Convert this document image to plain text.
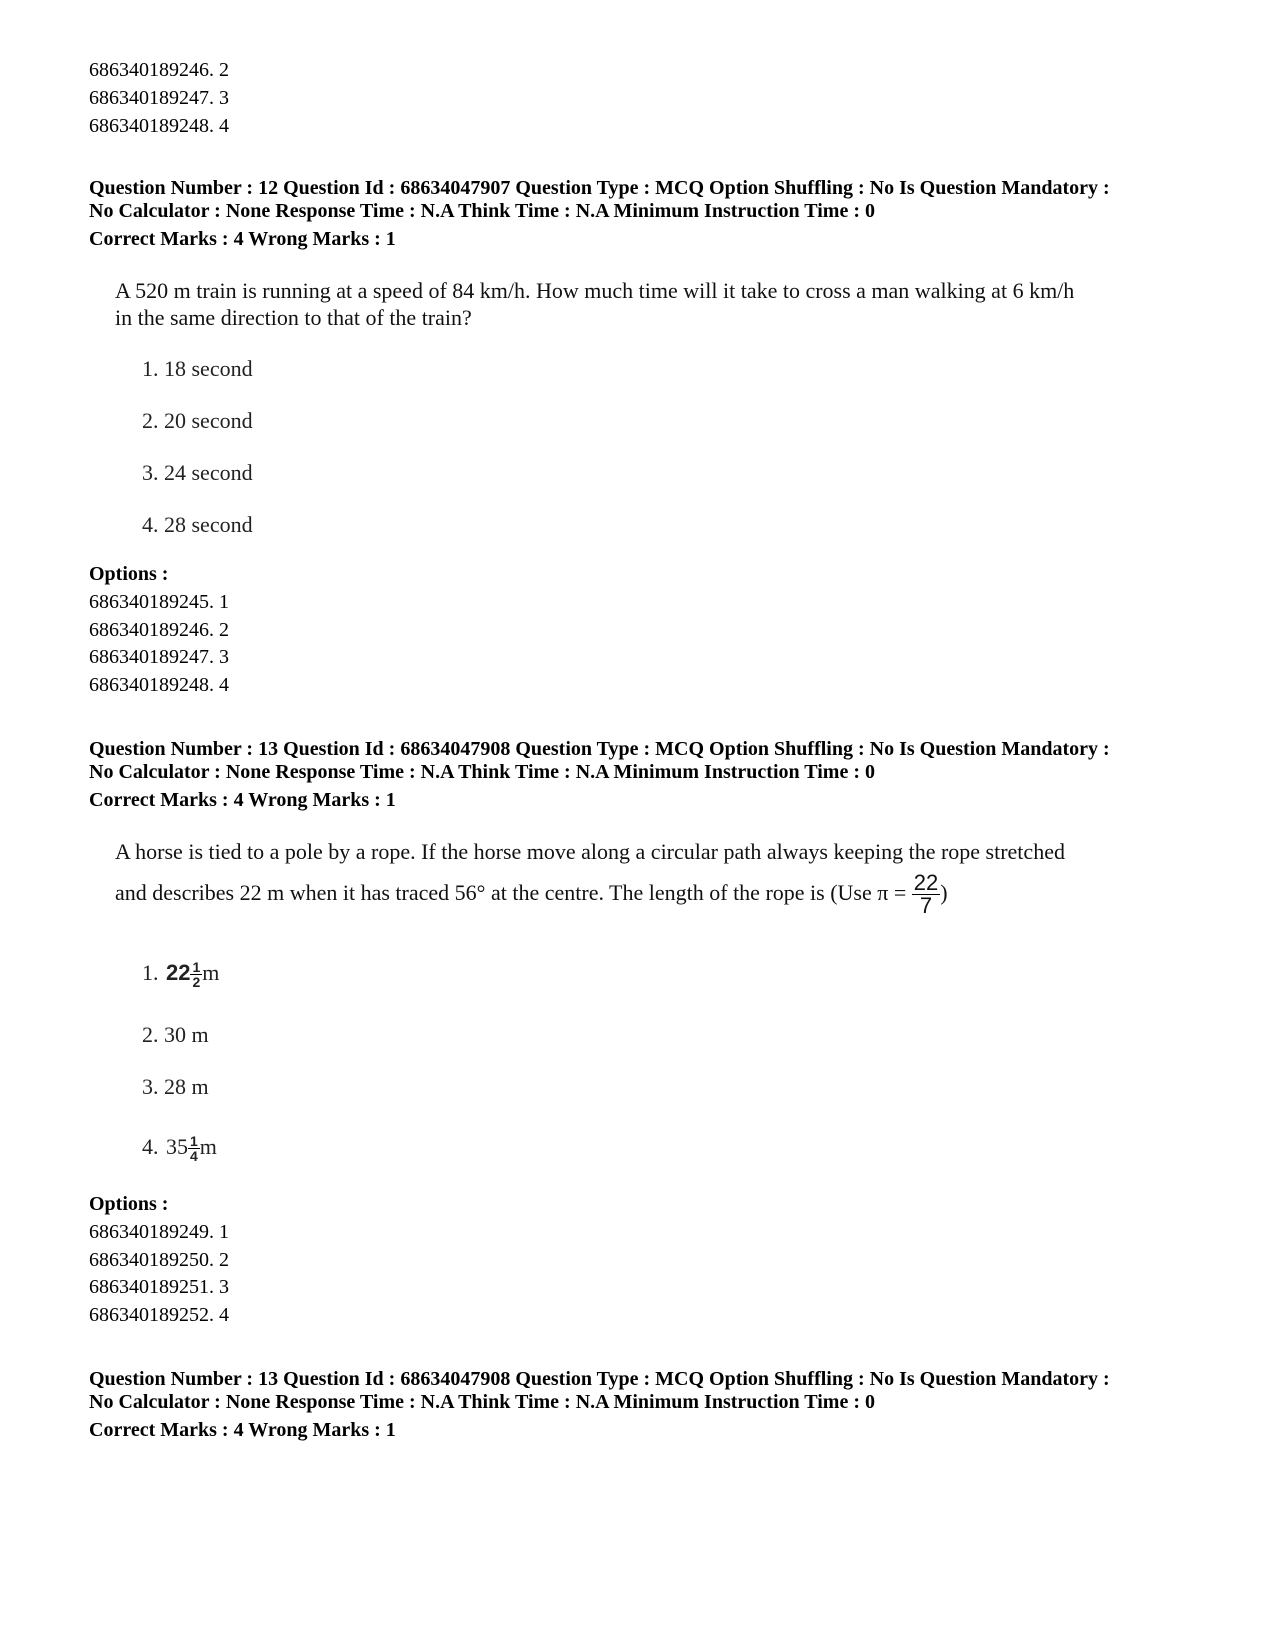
686340189246. 2
686340189247. 3
686340189248. 4
Question Number : 12 Question Id : 68634047907 Question Type : MCQ Option Shuffling : No Is Question Mandatory :
No Calculator : None Response Time : N.A Think Time : N.A Minimum Instruction Time : 0
Correct Marks : 4 Wrong Marks : 1
A 520 m train is running at a speed of 84 km/h. How much time will it take to cross a man walking at 6 km/h
in the same direction to that of the train?
1. 18 second
2. 20 second
3. 24 second
4. 28 second
Options :
686340189245. 1
686340189246. 2
686340189247. 3
686340189248. 4
Question Number : 13 Question Id : 68634047908 Question Type : MCQ Option Shuffling : No Is Question Mandatory :
No Calculator : None Response Time : N.A Think Time : N.A Minimum Instruction Time : 0
Correct Marks : 4 Wrong Marks : 1
A horse is tied to a pole by a rope. If the horse move along a circular path always keeping the rope stretched
and describes 22 m when it has traced 56° at the centre. The length of the rope is (Use $\pi = \frac{22}{7}$ )
1. $22 \frac{1}{2}$ m
2. 30 m
3. 28 m
4. $35 \frac{1}{4}$ m
Options :
686340189249. 1
686340189250. 2
686340189251. 3
686340189252. 4
Question Number : 13 Question Id : 68634047908 Question Type : MCQ Option Shuffling : No Is Question Mandatory :
No Calculator : None Response Time : N.A Think Time : N.A Minimum Instruction Time : 0
Correct Marks : 4 Wrong Marks : 1
